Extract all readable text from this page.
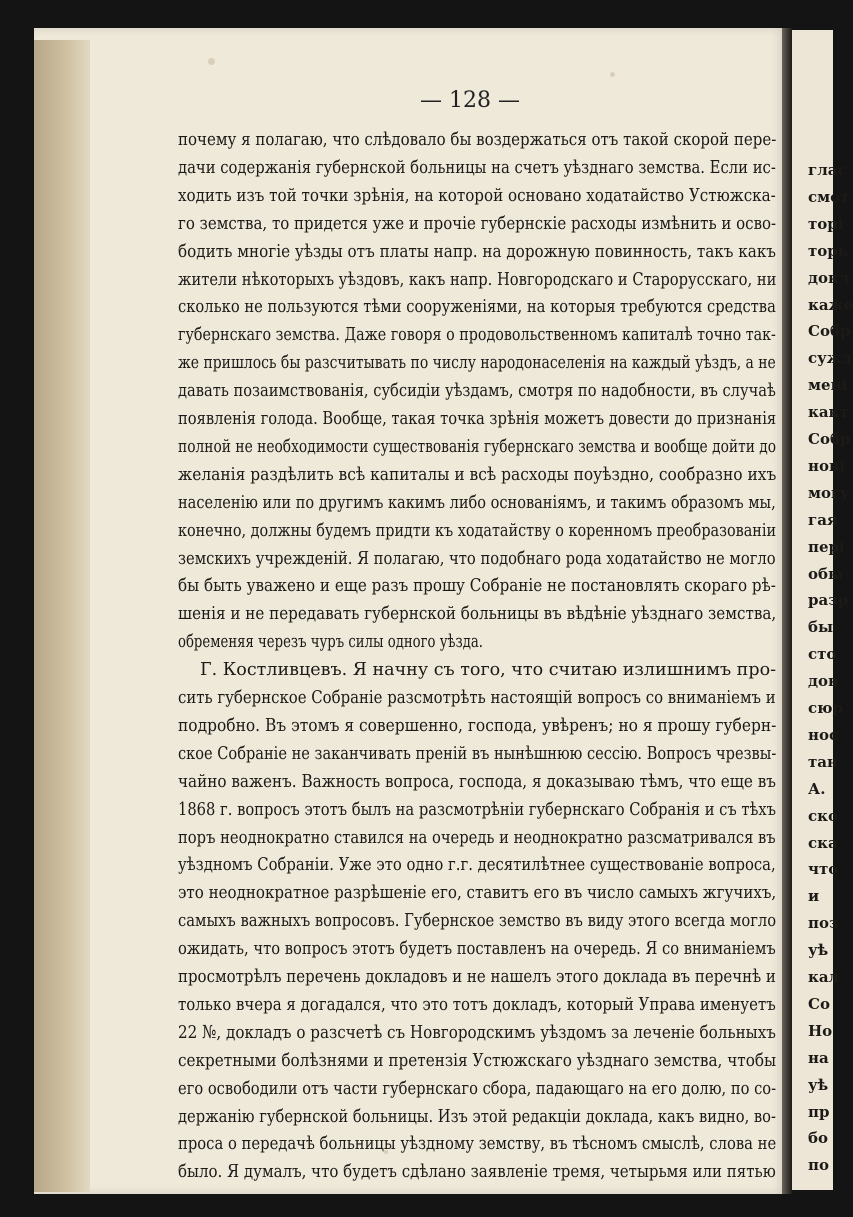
глас
смот
торі
торь
докл
каже
Собр
сужд
мені
какт
Собр
нові
могу
гая
пері
обы
разр
бы
сто
дов
сюр
нос
тан
А.
ско
ска
что
и
поз
уѣ
кал
Со
Но
на
уѣ
пр
бо
по
— 128 —
почему я полагаю, что слѣдовало бы воздержаться отъ такой скорой пере-
дачи содержанія губернской больницы на счетъ уѣзднаго земства. Если ис-
ходить изъ той точки зрѣнія, на которой основано ходатайство Устюжска-
го земства, то придется уже и прочіе губернскіе расходы измѣнить и осво-
бодить многіе уѣзды отъ платы напр. на дорожную повинность, такъ какъ
жители нѣкоторыхъ уѣздовъ, какъ напр. Новгородскаго и Старорусскаго, ни
сколько не пользуются тѣми сооруженіями, на которыя требуются средства
губернскаго земства. Даже говоря о продовольственномъ капиталѣ точно так-
же пришлось бы разсчитывать по числу народонаселенія на каждый уѣздъ, а не
давать позаимствованія, субсидіи уѣздамъ, смотря по надобности, въ случаѣ
появленія голода. Вообще, такая точка зрѣнія можетъ довести до признанія
полной не необходимости существованія губернскаго земства и вообще дойти до
желанія раздѣлить всѣ капиталы и всѣ расходы поуѣздно, сообразно ихъ
населенію или по другимъ какимъ либо основаніямъ, и такимъ образомъ мы,
конечно, должны будемъ придти къ ходатайству о коренномъ преобразованіи
земскихъ учрежденій. Я полагаю, что подобнаго рода ходатайство не могло
бы быть уважено и еще разъ прошу Собраніе не постановлять скораго рѣ-
шенія и не передавать губернской больницы въ вѣдѣніе уѣзднаго земства,
обременяя черезъ чуръ силы одного уѣзда.
Г. Костливцевъ. Я начну съ того, что считаю излишнимъ про-
сить губернское Собраніе разсмотрѣть настоящій вопросъ со вниманіемъ и
подробно. Въ этомъ я совершенно, господа, увѣренъ; но я прошу губерн-
ское Собраніе не заканчивать преній въ нынѣшнюю сессію. Вопросъ чрезвы-
чайно важенъ. Важность вопроса, господа, я доказываю тѣмъ, что еще въ
1868 г. вопросъ этотъ былъ на разсмотрѣніи губернскаго Собранія и съ тѣхъ
поръ неоднократно ставился на очередь и неоднократно разсматривался въ
уѣздномъ Собраніи. Уже это одно г.г. десятилѣтнее существованіе вопроса,
это неоднократное разрѣшеніе его, ставитъ его въ число самыхъ жгучихъ,
самыхъ важныхъ вопросовъ. Губернское земство въ виду этого всегда могло
ожидать, что вопросъ этотъ будетъ поставленъ на очередь. Я со вниманіемъ
просмотрѣлъ перечень докладовъ и не нашелъ этого доклада въ перечнѣ и
только вчера я догадался, что это тотъ докладъ, который Управа именуетъ
22 №, докладъ о разсчетѣ съ Новгородскимъ уѣздомъ за леченіе больныхъ
секретными болѣзнями и претензія Устюжскаго уѣзднаго земства, чтобы
его освободили отъ части губернскаго сбора, падающаго на его долю, по со-
держанію губернской больницы. Изъ этой редакціи доклада, какъ видно, во-
проса о передачѣ больницы уѣздному земству, въ тѣсномъ смыслѣ, слова не
было. Я думалъ, что будетъ сдѣлано заявленіе тремя, четырьмя или пятью
